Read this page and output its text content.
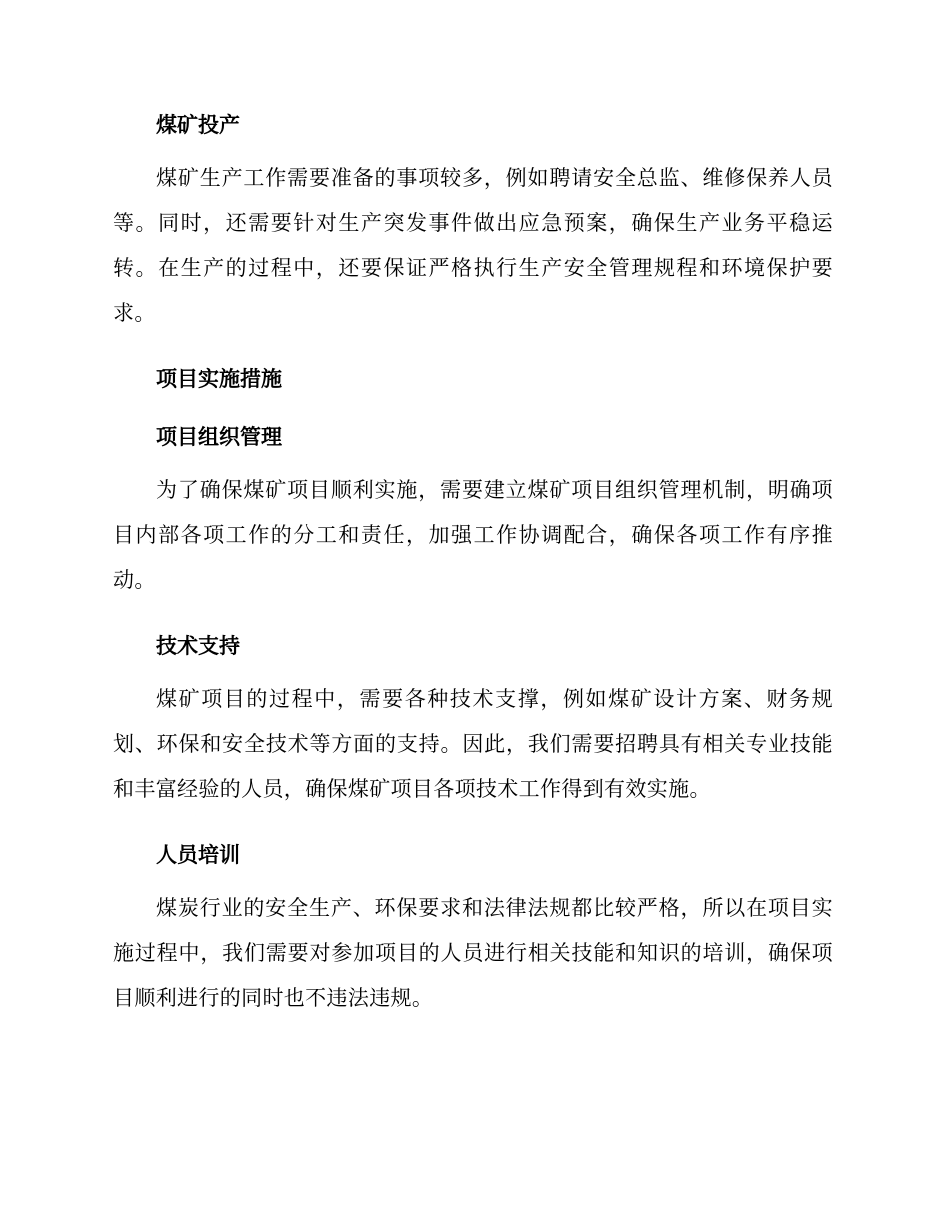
煤矿投产

煤矿生产工作需要准备的事项较多，例如聘请安全总监、维修保养人员等。同时，还需要针对生产突发事件做出应急预案，确保生产业务平稳运转。在生产的过程中，还要保证严格执行生产安全管理规程和环境保护要求。

项目实施措施
项目组织管理

为了确保煤矿项目顺利实施，需要建立煤矿项目组织管理机制，明确项目内部各项工作的分工和责任，加强工作协调配合，确保各项工作有序推动。

技术支持

煤矿项目的过程中，需要各种技术支撑，例如煤矿设计方案、财务规划、环保和安全技术等方面的支持。因此，我们需要招聘具有相关专业技能和丰富经验的人员，确保煤矿项目各项技术工作得到有效实施。

人员培训

煤炭行业的安全生产、环保要求和法律法规都比较严格，所以在项目实施过程中，我们需要对参加项目的人员进行相关技能和知识的培训，确保项目顺利进行的同时也不违法违规。
